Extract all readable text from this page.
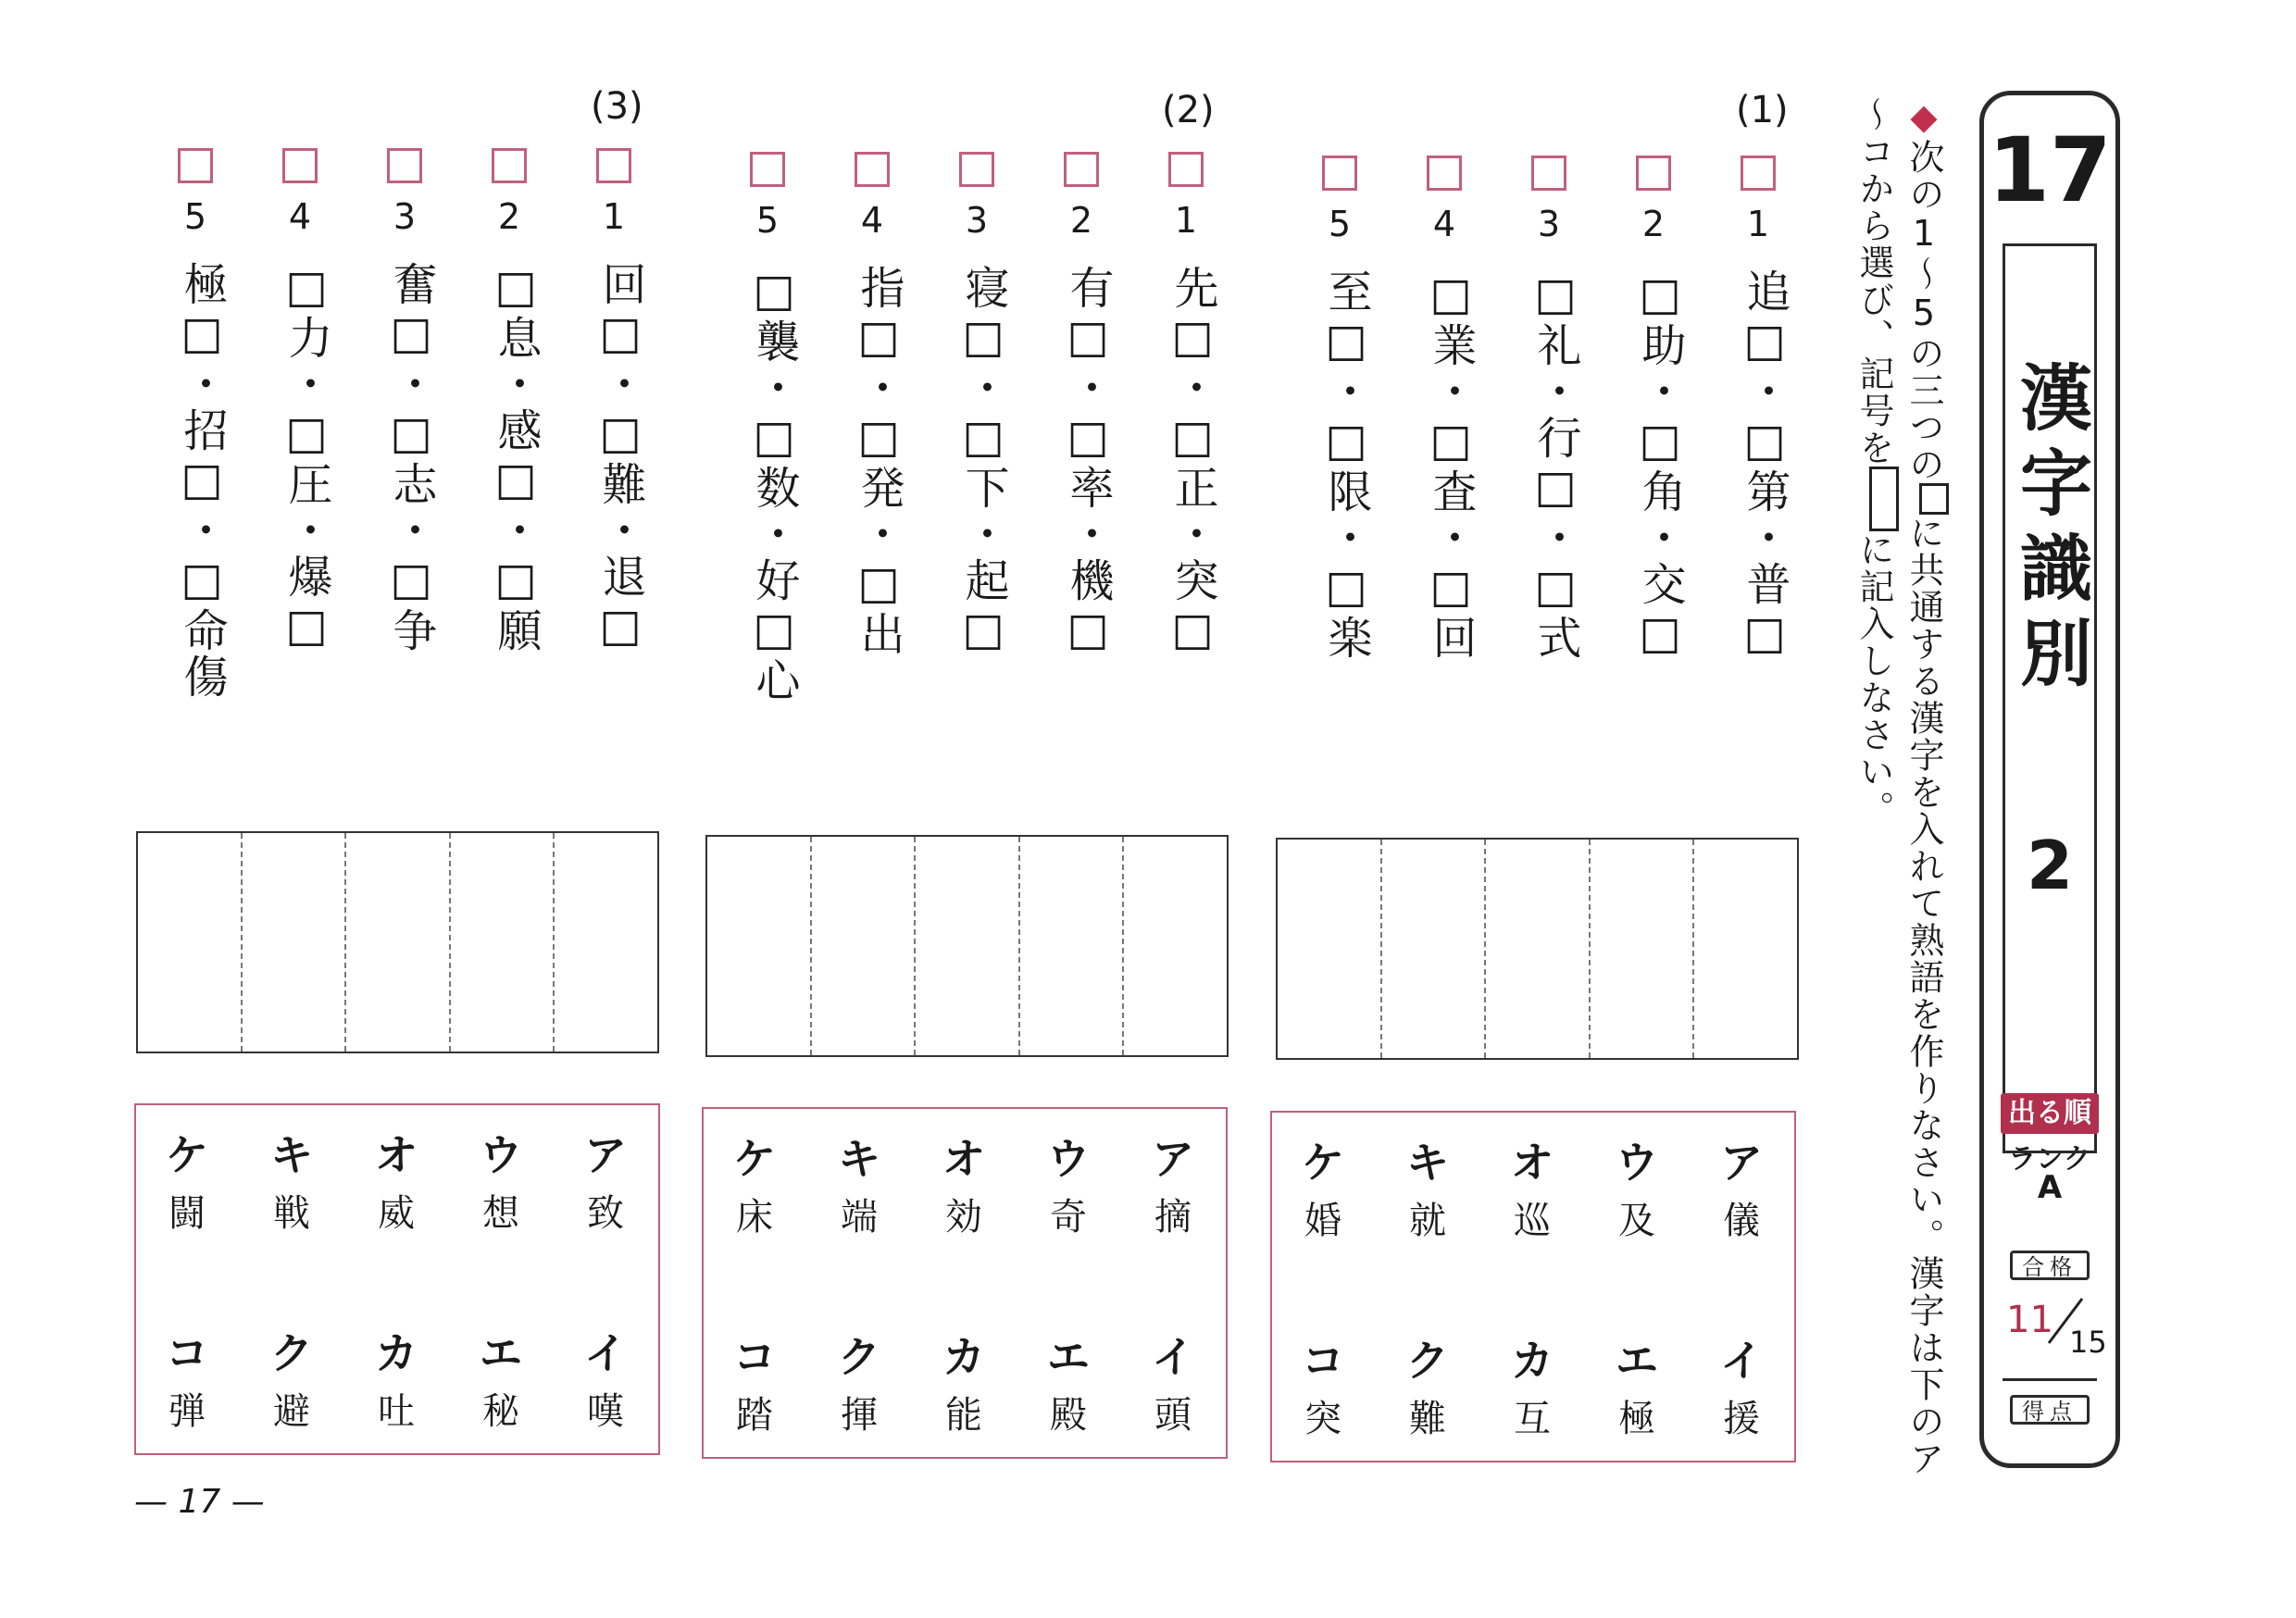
17
漢字識別
2
出る順
ランク
A
合格
11
15
得点
◆次の1～5の三つのに共通する漢字を入れて熟語を作りなさい。漢字は下のア～コから選び、記号をに記入しなさい。
(1)
1
2
3
4
5
追□・□第・普□
□助・□角・交□
□礼・行□・□式
□業・□査・□回
至□・□限・□楽
ア
儀
ウ
及
オ
巡
キ
就
ケ
婚
イ
援
エ
極
カ
互
ク
難
コ
突
(2)
1
2
3
4
5
先□・□正・突□
有□・□率・機□
寝□・□下・起□
指□・□発・□出
□襲・□数・好□心
ア
摘
ウ
奇
オ
効
キ
端
ケ
床
イ
頭
エ
殿
カ
能
ク
揮
コ
踏
(3)
1
2
3
4
5
回□・□難・退□
□息・感□・□願
奮□・□志・□争
□力・□圧・爆□
極□・招□・□命傷
ア
致
ウ
想
オ
威
キ
戦
ケ
闘
イ
嘆
エ
秘
カ
吐
ク
避
コ
弾
— 17 —
